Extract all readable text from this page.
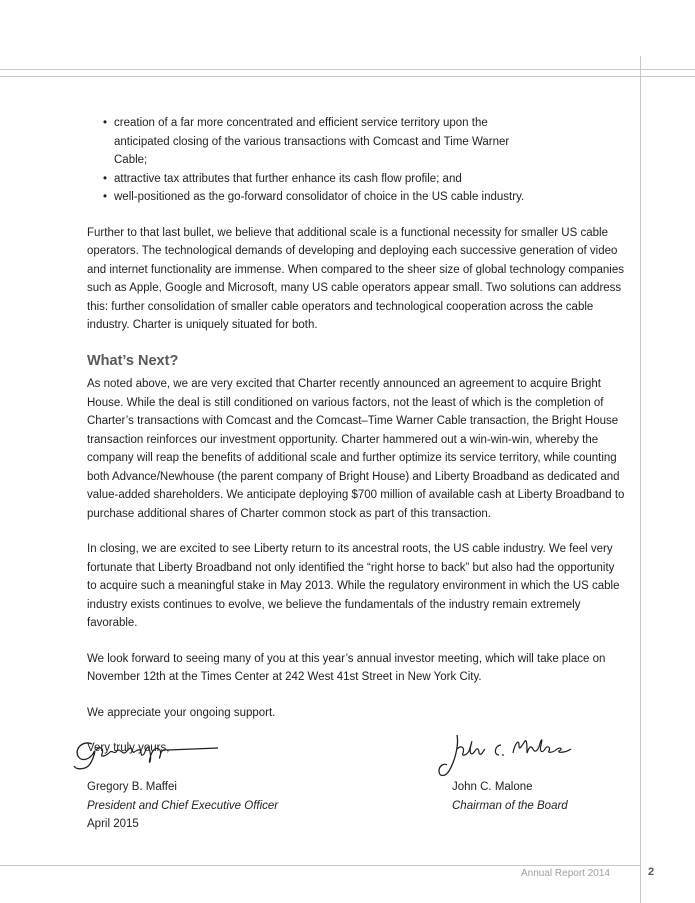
• creation of a far more concentrated and efficient service territory upon the anticipated closing of the various transactions with Comcast and Time Warner Cable;
• attractive tax attributes that further enhance its cash flow profile; and
• well-positioned as the go-forward consolidator of choice in the US cable industry.

Further to that last bullet, we believe that additional scale is a functional necessity for smaller US cable operators. The technological demands of developing and deploying each successive generation of video and internet functionality are immense. When compared to the sheer size of global technology companies such as Apple, Google and Microsoft, many US cable operators appear small. Two solutions can address this: further consolidation of smaller cable operators and technological cooperation across the cable industry. Charter is uniquely situated for both.

What’s Next?

As noted above, we are very excited that Charter recently announced an agreement to acquire Bright House. While the deal is still conditioned on various factors, not the least of which is the completion of Charter’s transactions with Comcast and the Comcast–Time Warner Cable transaction, the Bright House transaction reinforces our investment opportunity. Charter hammered out a win-win-win, whereby the company will reap the benefits of additional scale and further optimize its service territory, while counting both Advance/Newhouse (the parent company of Bright House) and Liberty Broadband as dedicated and value-added shareholders. We anticipate deploying $700 million of available cash at Liberty Broadband to purchase additional shares of Charter common stock as part of this transaction.

In closing, we are excited to see Liberty return to its ancestral roots, the US cable industry. We feel very fortunate that Liberty Broadband not only identified the “right horse to back” but also had the opportunity to acquire such a meaningful stake in May 2013. While the regulatory environment in which the US cable industry exists continues to evolve, we believe the fundamentals of the industry remain extremely favorable.

We look forward to seeing many of you at this year’s annual investor meeting, which will take place on November 12th at the Times Center at 242 West 41st Street in New York City.

We appreciate your ongoing support.

Very truly yours,

Gregory B. Maffei
President and Chief Executive Officer
April 2015
John C. Malone
Chairman of the Board
Annual Report 2014	2
